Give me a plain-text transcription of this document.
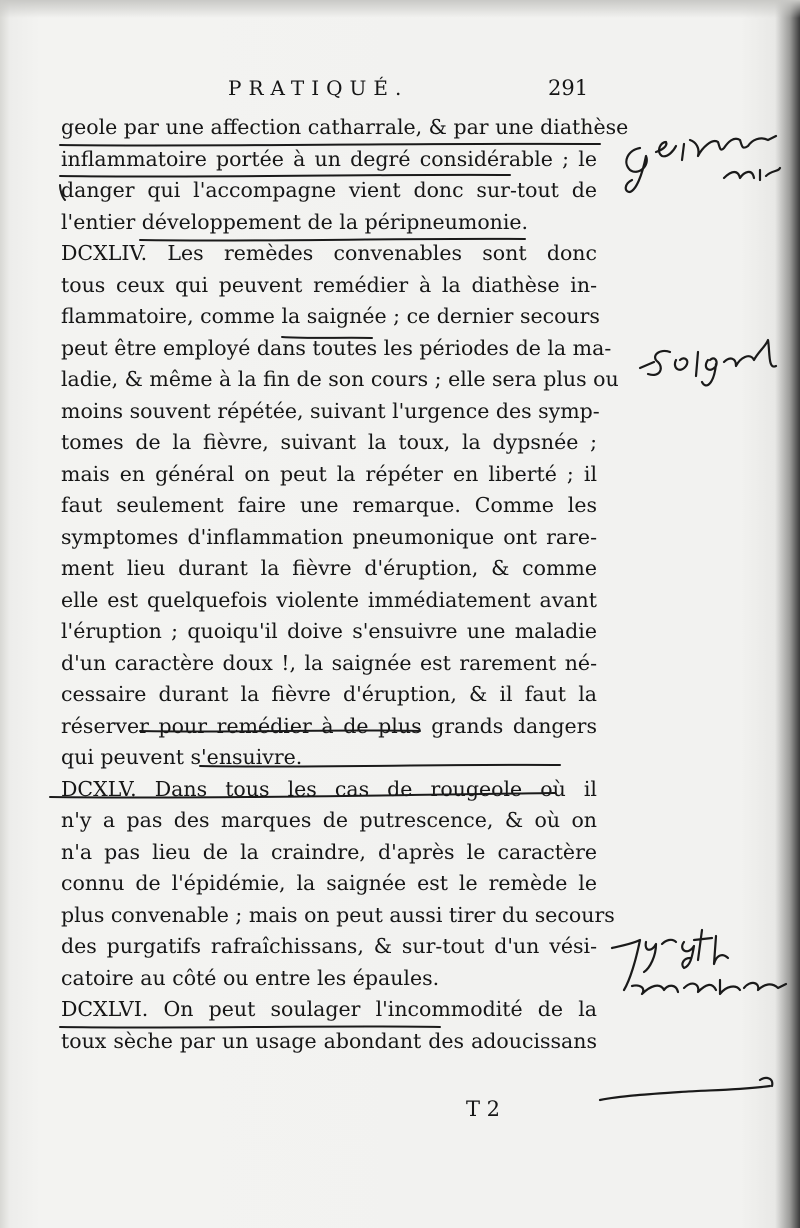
PRATIQUÉ.	291
geole par une affection catharrale, & par une diathèse
inflammatoire portée à un degré considérable ; le
danger qui l'accompagne vient donc sur-tout de
l'entier développement de la péripneumonie.
DCXLIV. Les remèdes convenables sont donc
tous ceux qui peuvent remédier à la diathèse in-
flammatoire, comme la saignée ; ce dernier secours
peut être employé dans toutes les périodes de la ma-
ladie, & même à la fin de son cours ; elle sera plus ou
moins souvent répétée, suivant l'urgence des symp-
tomes de la fièvre, suivant la toux, la dypsnée ;
mais en général on peut la répéter en liberté ; il
faut seulement faire une remarque. Comme les
symptomes d'inflammation pneumonique ont rare-
ment lieu durant la fièvre d'éruption, & comme
elle est quelquefois violente immédiatement avant
l'éruption ; quoiqu'il doive s'ensuivre une maladie
d'un caractère doux !, la saignée est rarement né-
cessaire durant la fièvre d'éruption, & il faut la
réserver pour remédier à de plus grands dangers
qui peuvent s'ensuivre.
DCXLV. Dans tous les cas de rougeole où il
n'y a pas des marques de putrescence, & où on
n'a pas lieu de la craindre, d'après le caractère
connu de l'épidémie, la saignée est le remède le
plus convenable ; mais on peut aussi tirer du secours
des purgatifs rafraîchissans, & sur-tout d'un vési-
catoire au côté ou entre les épaules.
DCXLVI. On peut soulager l'incommodité de la
toux sèche par un usage abondant des adoucissans
T 2
